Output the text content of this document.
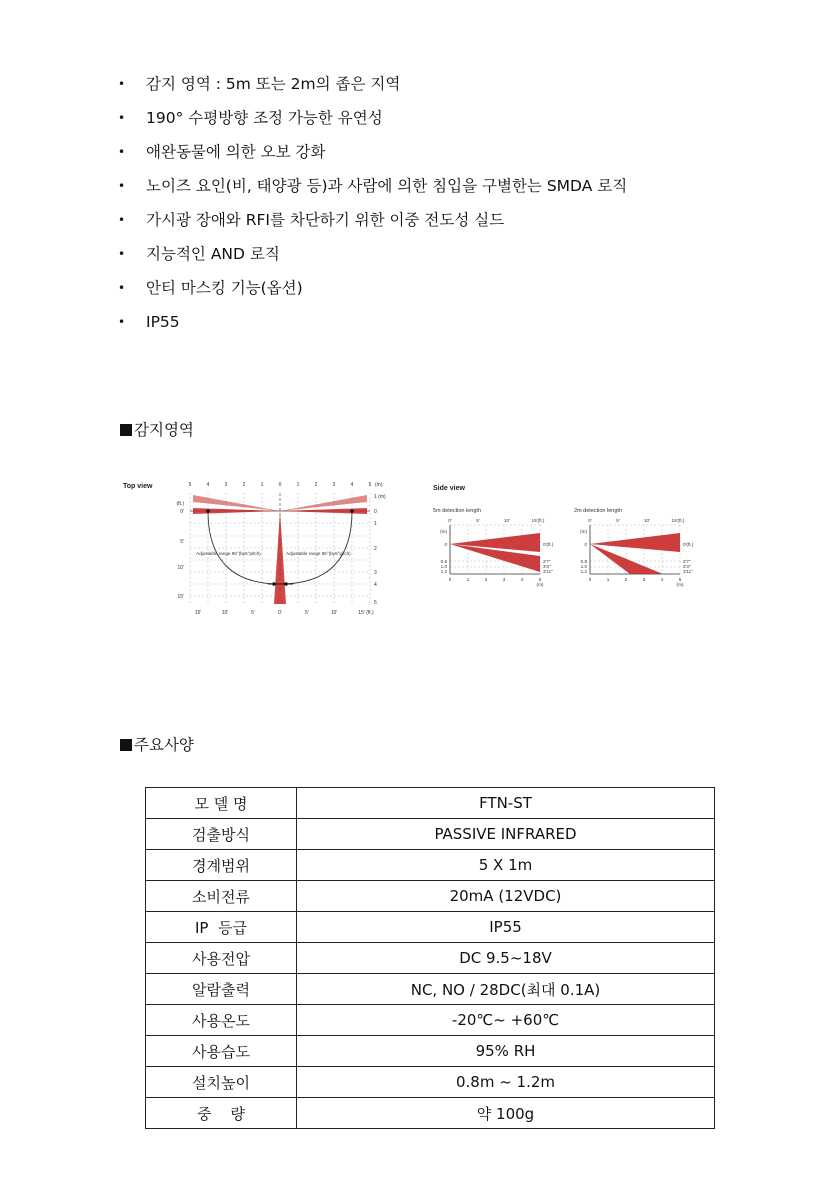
• 감지 영역 : 5m 또는 2m의 좁은 지역
• 190° 수평방향 조정 가능한 유연성
• 애완동물에 의한 오보 강화
• 노이즈 요인(비, 태양광 등)과 사람에 의한 침입을 구별한는 SMDA 로직
• 가시광 장애와 RFI를 차단하기 위한 이중 전도성 실드
• 지능적인 AND 로직
• 안티 마스킹 기능(옵션)
• IP55
감지영역
Top view
Adjustable range 95°(by5°pitch)	Adjustable range 95°(by5°pitch)
5	4	3	2	1	0	1	2	3	4	5 (m)
(ft.)
0'
5'
10'
15'
1 (m)
0
1
2
3
4
5
15'	10'	5'	0'	5'	10'	15' (ft.)
Side view
5m detection length
0'	5'	10'	15'(ft.)
(m)
0
0.8
1.0
1.2
0'(ft.)
2'7"
3'3"
3'11"
0	1	2	3	4	5
(m)
2m detection length
0'	5'	10'	15'(ft.)
(m)
0
0.8
1.0
1.2
0'(ft.)
2'7"
3'3"
3'11"
0	1	2	3	4	5
(m)
주요사양
모 델 명	FTN-ST
검출방식	PASSIVE INFRARED
경계범위	5 X 1m
소비전류	20mA (12VDC)
IP  등급	IP55
사용전압	DC 9.5~18V
알람출력	NC, NO / 28DC(최대 0.1A)
사용온도	-20℃~ +60℃
사용습도	95% RH
설치높이	0.8m ~ 1.2m
중    량	약 100g
